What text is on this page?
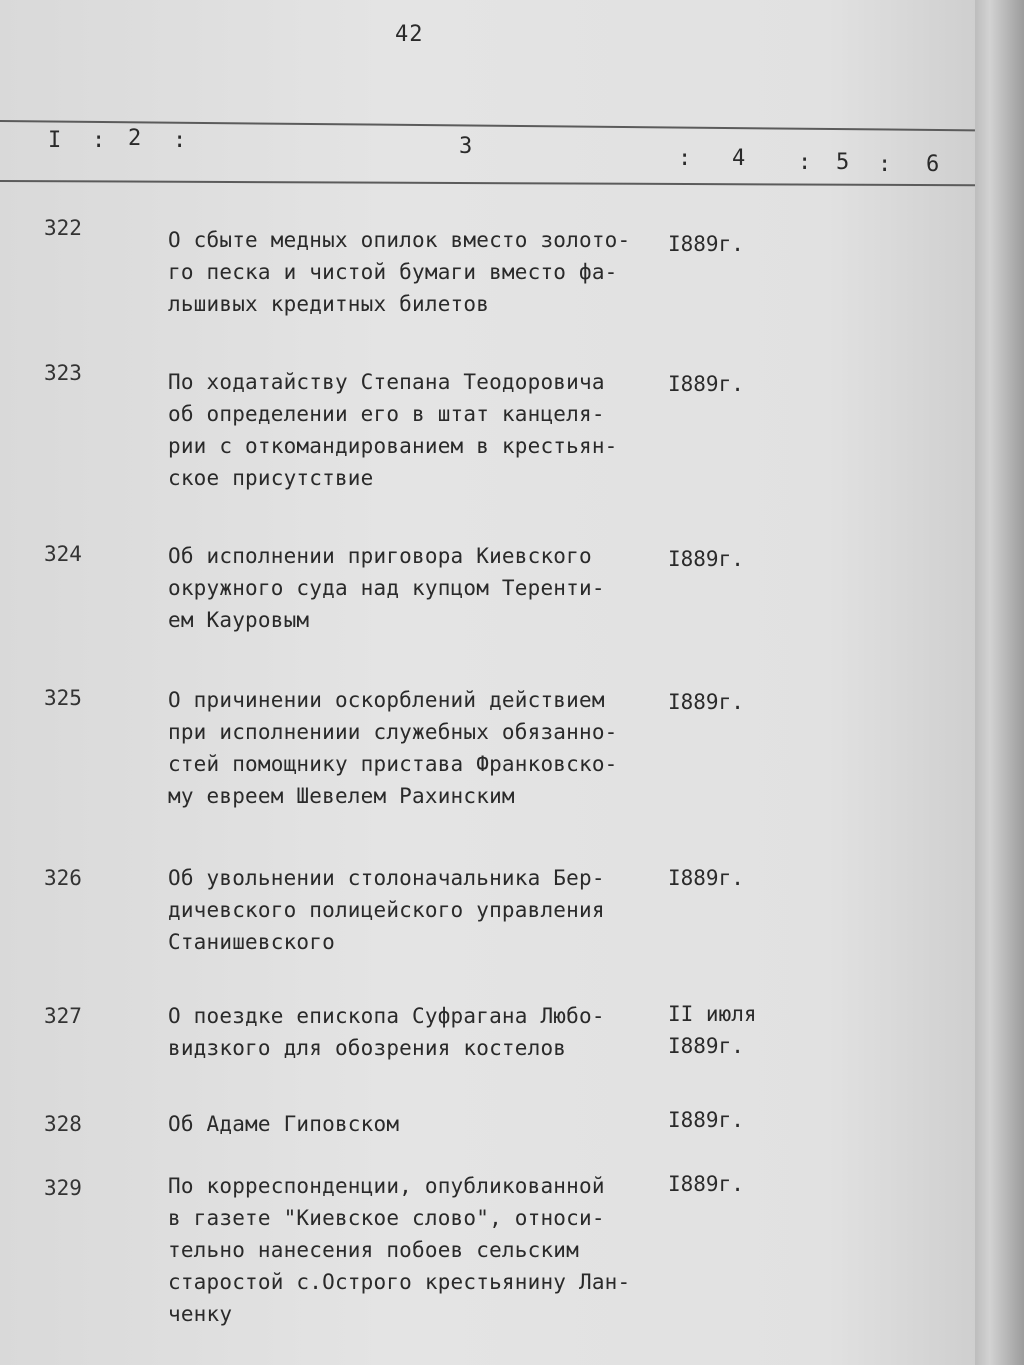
42
I : 2 :	3	: 4 : 5 : 6
322	О сбыте медных опилок вместо золото-
го песка и чистой бумаги вместо фа-
льшивых кредитных билетов
I889г.
323	По ходатайству Степана Теодоровича
об определении его в штат канцеля-
рии с откомандированием в крестьян-
ское присутствие
I889г.
324	Об исполнении приговора Киевского
окружного суда над купцом Теренти-
ем Кауровым
I889г.
325	О причинении оскорблений действием
при исполнениии служебных обязанно-
стей помощнику пристава Франковско-
му евреем Шевелем Рахинским
I889г.
326	Об увольнении столоначальника Бер-
дичевского полицейского управления
Станишевского
I889г.
327	О поездке епископа Суфрагана Любо-
видзкого для обозрения костелов
II июля
I889г.
328	Об Адаме Гиповском	I889г.
329	По корреспонденции, опубликованной
в газете "Киевское слово", относи-
тельно нанесения побоев сельским
старостой с.Острого крестьянину Лан-
ченку
I889г.
